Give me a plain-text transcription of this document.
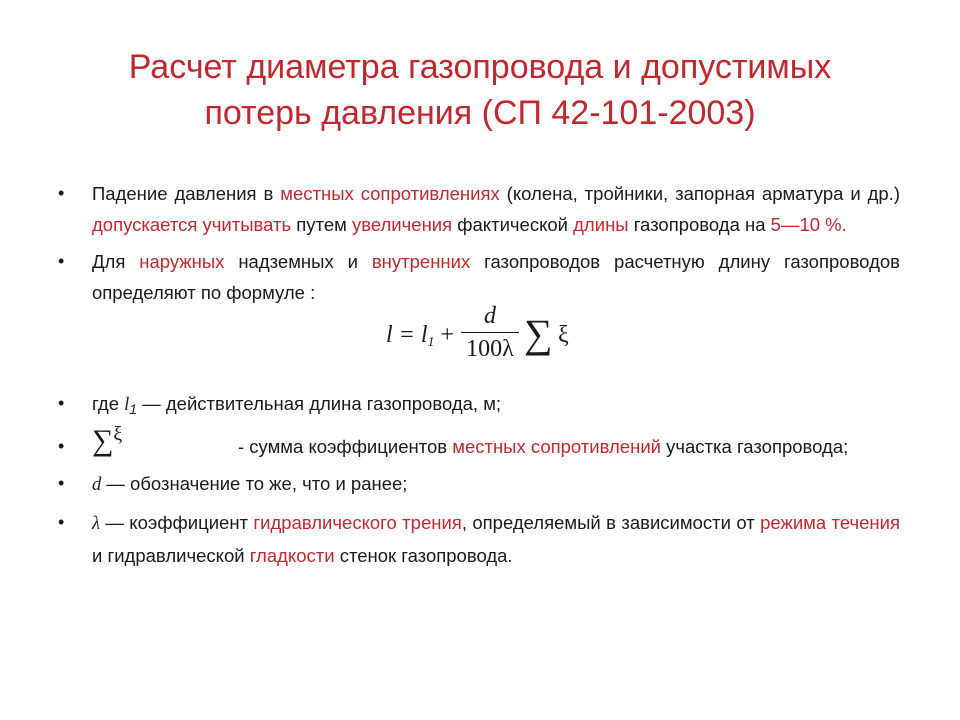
Расчет диаметра газопровода и допустимых
потерь давления (СП 42-101-2003)
• Падение давления в местных сопротивлениях (колена, тройники, запорная арматура и др.) допускается учитывать путем увеличения фактической длины газопровода на 5—10 %.
• Для наружных надземных и внутренних газопроводов расчетную длину газопроводов определяют по формуле :
$l = l_1$ +
d
100λ ∑ ξ
• где $l_1$ — действительная длина газопровода, м;
• ∑$^\xi$
- сумма коэффициентов местных сопротивлений участка газопровода;
• d — обозначение то же, что и ранее;
• λ — коэффициент гидравлического трения, определяемый в зависимости от режима течения и гидравлической гладкости стенок газопровода.
